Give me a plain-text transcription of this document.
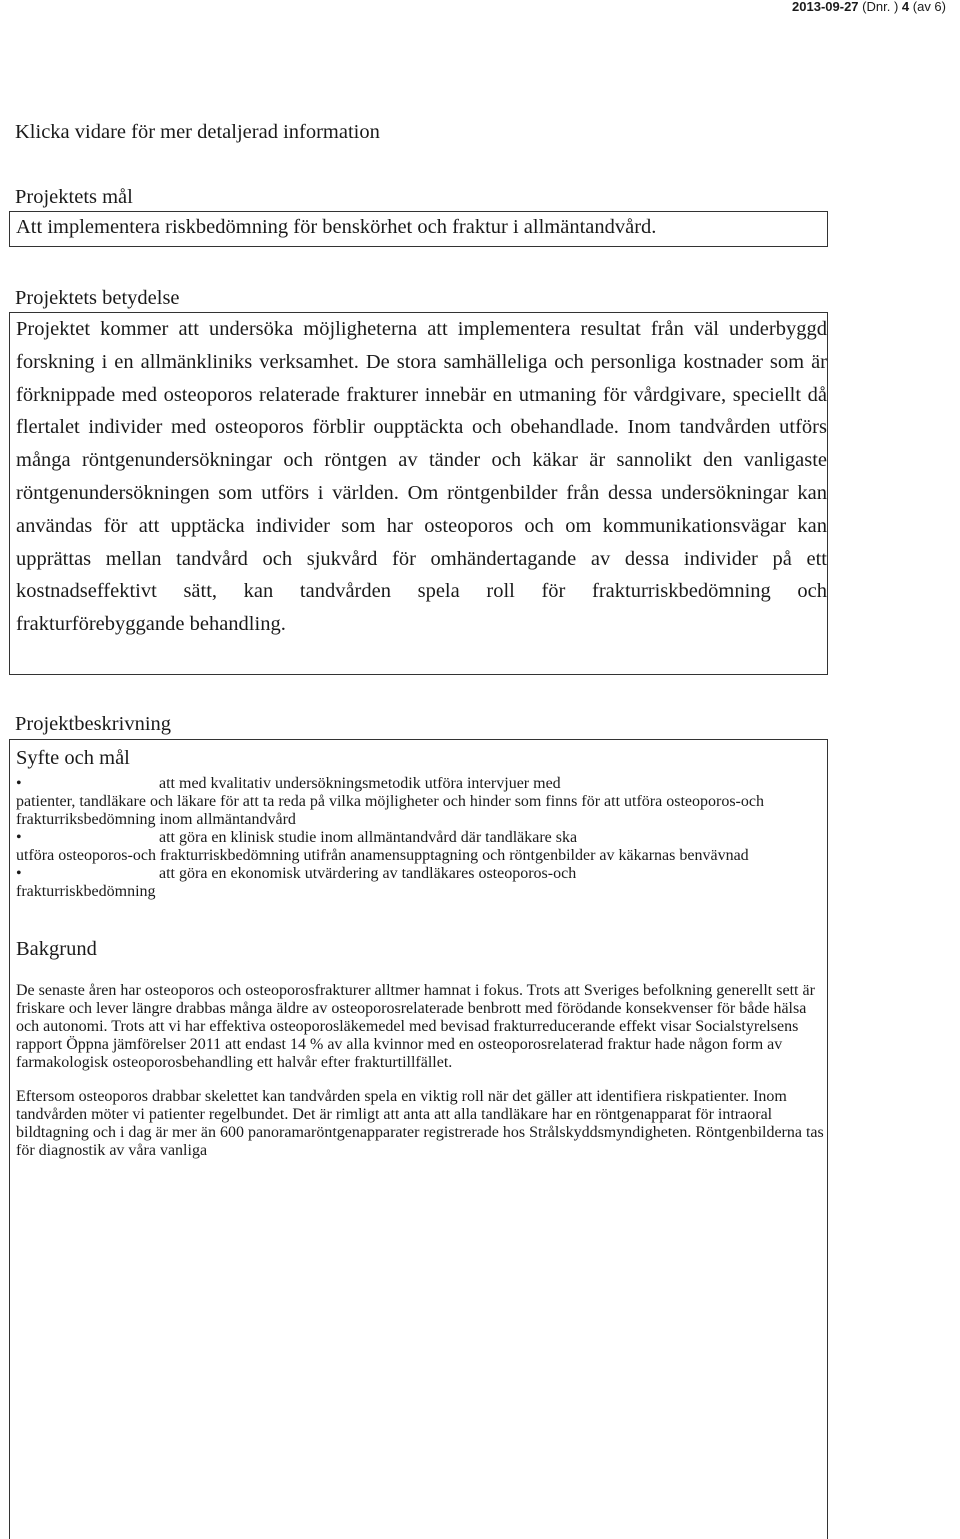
2013-09-27 (Dnr. ) 4 (av 6)
Klicka vidare för mer detaljerad information
Projektets mål
Att implementera riskbedömning för benskörhet och fraktur i allmäntandvård.
Projektets betydelse

Projektet kommer att undersöka möjligheterna att implementera resultat från väl underbyggd forskning i en allmänkliniks verksamhet. De stora samhälleliga och personliga kostnader som är förknippade med osteoporos relaterade frakturer innebär en utmaning för vårdgivare, speciellt då flertalet individer med osteoporos förblir oupptäckta och obehandlade. Inom tandvården utförs många röntgenundersökningar och röntgen av tänder och käkar är sannolikt den vanligaste röntgenundersökningen som utförs i världen. Om röntgenbilder från dessa undersökningar kan användas för att upptäcka individer som har osteoporos och om kommunikationsvägar kan upprättas mellan tandvård och sjukvård för omhändertagande av dessa individer på ett kostnadseffektivt sätt, kan tandvården spela roll för frakturriskbedömning och frakturförebyggande behandling.

Projektbeskrivning
Syfte och mål

•	att med kvalitativ undersökningsmetodik utföra intervjuer med
patienter, tandläkare och läkare för att ta reda på vilka möjligheter och hinder som finns för att utföra osteoporos-och frakturriksbedömning inom allmäntandvård

•	att göra en klinisk studie inom allmäntandvård där tandläkare ska
utföra osteoporos-och frakturriskbedömning utifrån anamensupptagning och röntgenbilder av käkarnas benvävnad

•	att göra en ekonomisk utvärdering av tandläkares osteoporos-och
frakturriskbedömning

Bakgrund

De senaste åren har osteoporos och osteoporosfrakturer alltmer hamnat i fokus. Trots att Sveriges befolkning generellt sett är friskare och lever längre drabbas många äldre av osteoporosrelaterade benbrott med förödande konsekvenser för både hälsa och autonomi. Trots att vi har effektiva osteoporosläkemedel med bevisad frakturreducerande effekt visar Socialstyrelsens rapport Öppna jämförelser 2011 att endast 14 % av alla kvinnor med en osteoporosrelaterad fraktur hade någon form av farmakologisk osteoporosbehandling ett halvår efter frakturtillfället.

Eftersom osteoporos drabbar skelettet kan tandvården spela en viktig roll när det gäller att identifiera riskpatienter. Inom tandvården möter vi patienter regelbundet. Det är rimligt att anta att alla tandläkare har en röntgenapparat för intraoral bildtagning och i dag är mer än 600 panoramaröntgenapparater registrerade hos Strålskyddsmyndigheten. Röntgenbilderna tas för diagnostik av våra vanliga
